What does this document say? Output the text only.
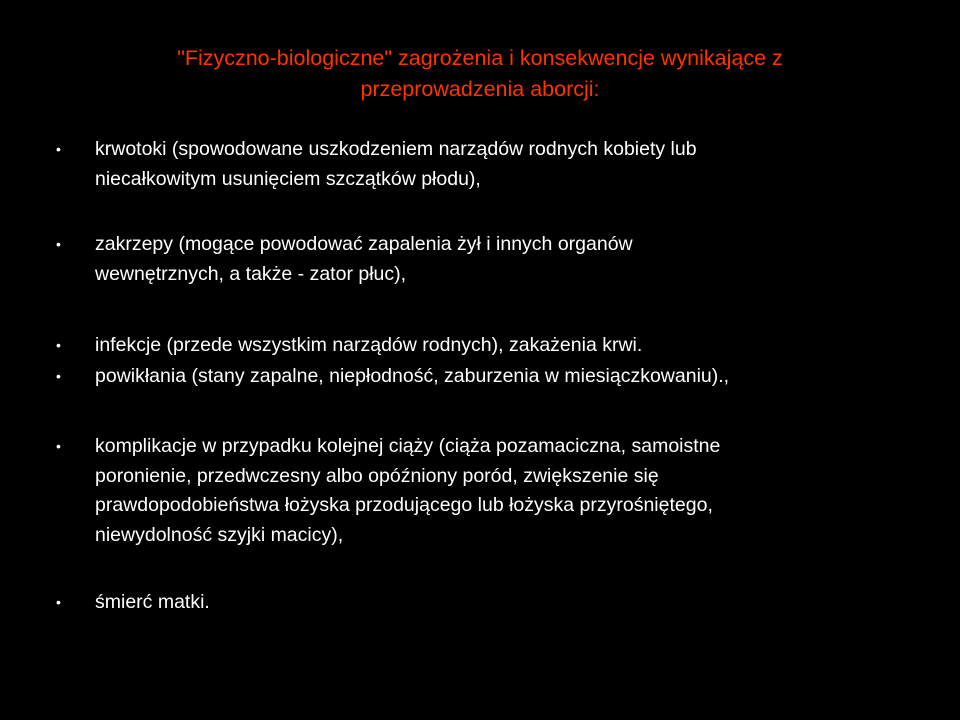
"Fizyczno-biologiczne" zagrożenia i konsekwencje wynikające z
przeprowadzenia aborcji:
• krwotoki (spowodowane uszkodzeniem narządów rodnych kobiety lub
niecałkowitym usunięciem szczątków płodu),
• zakrzepy (mogące powodować zapalenia żył i innych organów
wewnętrznych, a także - zator płuc),
• infekcje (przede wszystkim narządów rodnych), zakażenia krwi.
• powikłania (stany zapalne, niepłodność, zaburzenia w miesiączkowaniu).,
• komplikacje w przypadku kolejnej ciąży (ciąża pozamaciczna, samoistne
poronienie, przedwczesny albo opóźniony poród, zwiększenie się
prawdopodobieństwa łożyska przodującego lub łożyska przyrośniętego,
niewydolność szyjki macicy),
• śmierć matki.
